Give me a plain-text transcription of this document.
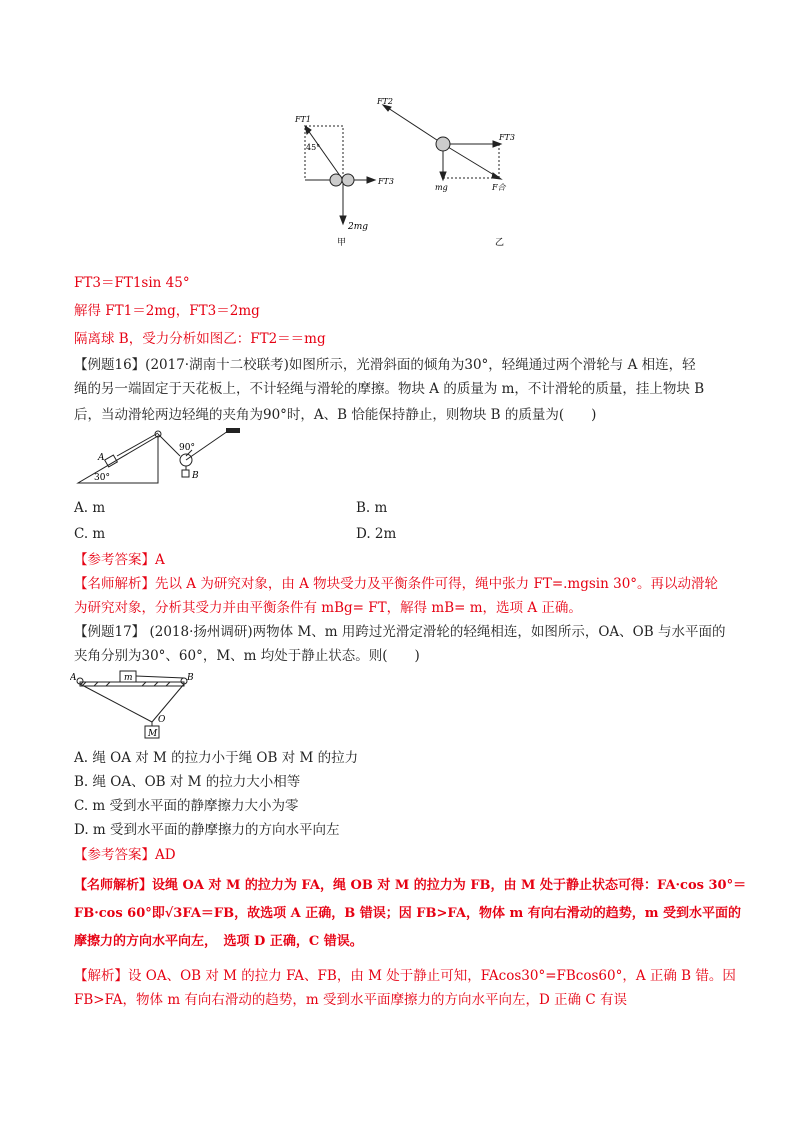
FT1
45°
FT3
2mg
甲
FT2
FT3
mg	F合
乙
FT3＝FT1sin 45°
解得 FT1＝2mg，FT3＝2mg
隔离球 B，受力分析如图乙：FT2＝＝mg
【例题16】(2017·湖南十二校联考)如图所示，光滑斜面的倾角为30°，轻绳通过两个滑轮与 A 相连，轻
绳的另一端固定于天花板上，不计轻绳与滑轮的摩擦。物块 A 的质量为 m，不计滑轮的质量，挂上物块 B
后，当动滑轮两边轻绳的夹角为90°时，A、B 恰能保持静止，则物块 B 的质量为(　　)
A
30°
90°
B
A. m	B. m
C. m	D. 2m
【参考答案】A
【名师解析】先以 A 为研究对象，由 A 物块受力及平衡条件可得，绳中张力 FT=.mgsin 30°。再以动滑轮
为研究对象，分析其受力并由平衡条件有 mBg= FT，解得 mB= m，选项 A 正确。
【例题17】 (2018·扬州调研)两物体 M、m 用跨过光滑定滑轮的轻绳相连，如图所示，OA、OB 与水平面的
夹角分别为30°、60°，M、m 均处于静止状态。则(　　)
A	B
m
O
M
A. 绳 OA 对 M 的拉力小于绳 OB 对 M 的拉力
B. 绳 OA、OB 对 M 的拉力大小相等
C. m 受到水平面的静摩擦力大小为零
D. m 受到水平面的静摩擦力的方向水平向左
【参考答案】AD
【名师解析】设绳 OA 对 M 的拉力为 FA，绳 OB 对 M 的拉力为 FB，由 M 处于静止状态可得：FA·cos 30°＝
FB·cos 60°即√3FA＝FB，故选项 A 正确，B 错误；因 FB>FA，物体 m 有向右滑动的趋势，m 受到水平面的
摩擦力的方向水平向左，　选项 D 正确，C 错误。
【解析】设 OA、OB 对 M 的拉力 FA、FB，由 M 处于静止可知，FAcos30°=FBcos60°，A 正确 B 错。因
FB>FA，物体 m 有向右滑动的趋势，m 受到水平面摩擦力的方向水平向左，D 正确 C 有误
